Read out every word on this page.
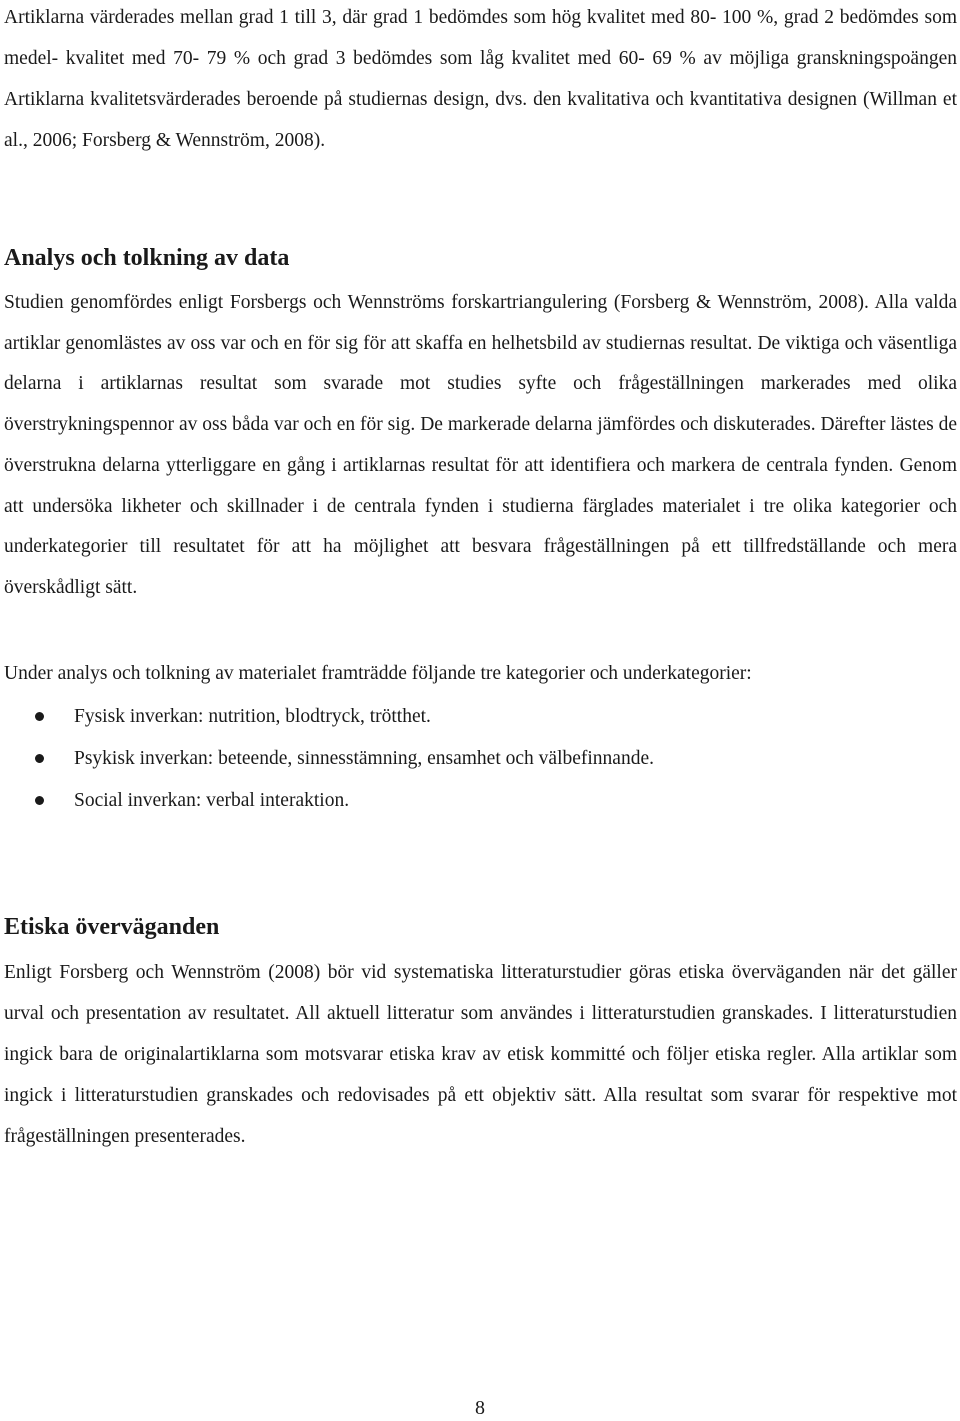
Artiklarna värderades mellan grad 1 till 3, där grad 1 bedömdes som hög kvalitet med 80- 100 %, grad 2 bedömdes som medel- kvalitet med 70- 79 % och grad 3 bedömdes som låg kvalitet med 60- 69 % av möjliga granskningspoängen Artiklarna kvalitetsvärderades beroende på studiernas design, dvs. den kvalitativa och kvantitativa designen (Willman et al., 2006; Forsberg & Wennström, 2008).

Analys och tolkning av data

Studien genomfördes enligt Forsbergs och Wennströms forskartriangulering (Forsberg & Wennström, 2008). Alla valda artiklar genomlästes av oss var och en för sig för att skaffa en helhetsbild av studiernas resultat. De viktiga och väsentliga delarna i artiklarnas resultat som svarade mot studies syfte och frågeställningen markerades med olika överstrykningspennor av oss båda var och en för sig. De markerade delarna jämfördes och diskuterades. Därefter lästes de överstrukna delarna ytterliggare en gång i artiklarnas resultat för att identifiera och markera de centrala fynden. Genom att undersöka likheter och skillnader i de centrala fynden i studierna färglades materialet i tre olika kategorier och underkategorier till resultatet för att ha möjlighet att besvara frågeställningen på ett tillfredställande och mera överskådligt sätt.

Under analys och tolkning av materialet framträdde följande tre kategorier och underkategorier:

Fysisk inverkan: nutrition, blodtryck, trötthet.
Psykisk inverkan: beteende, sinnesstämning, ensamhet och välbefinnande.
Social inverkan: verbal interaktion.
Etiska överväganden

Enligt Forsberg och Wennström (2008) bör vid systematiska litteraturstudier göras etiska överväganden när det gäller urval och presentation av resultatet. All aktuell litteratur som användes i litteraturstudien granskades. I litteraturstudien ingick bara de originalartiklarna som motsvarar etiska krav av etisk kommitté och följer etiska regler. Alla artiklar som ingick i litteraturstudien granskades och redovisades på ett objektiv sätt. Alla resultat som svarar för respektive mot frågeställningen presenterades.

8
